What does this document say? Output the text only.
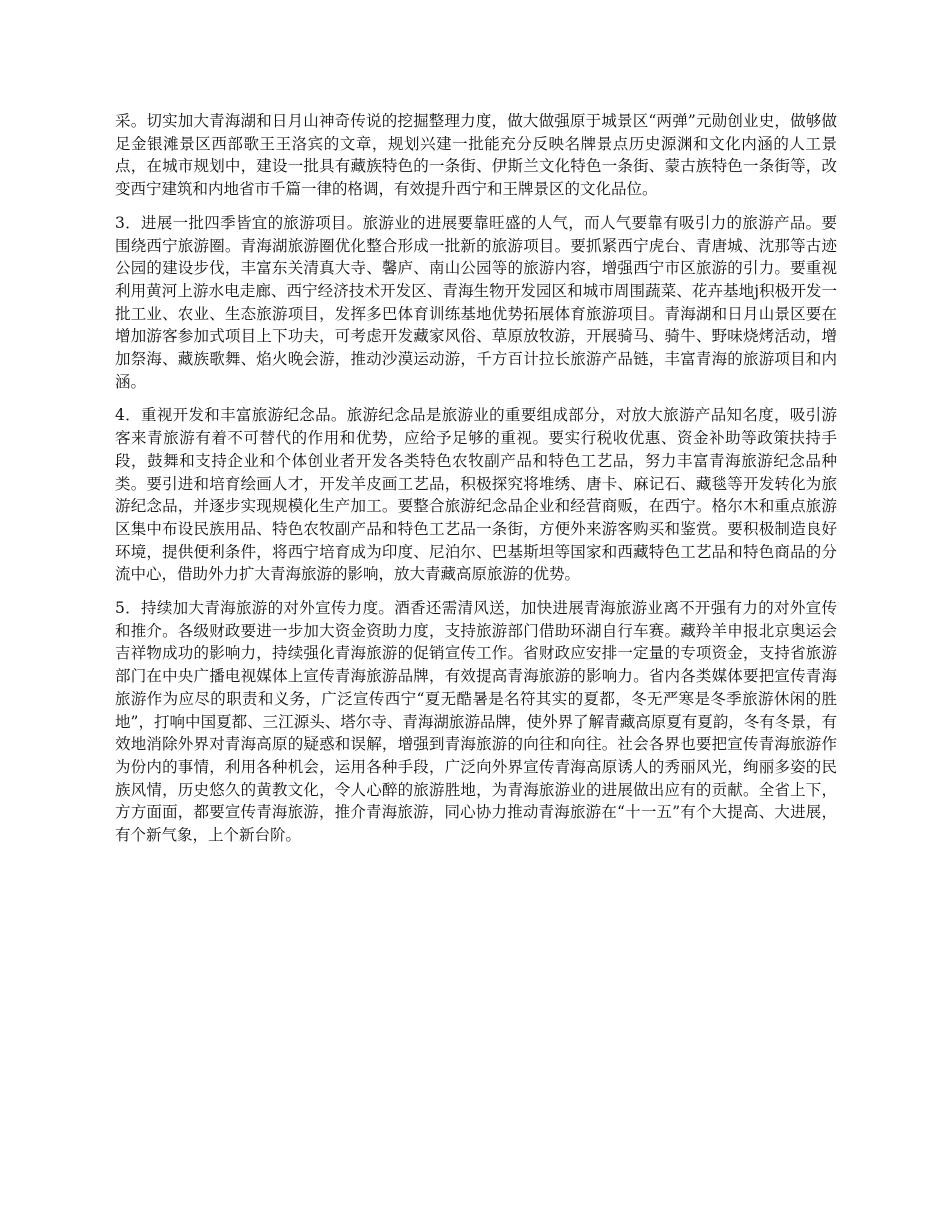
采。切实加大青海湖和日月山神奇传说的挖掘整理力度，做大做强原于城景区“两弹”元勋创业史，做够做足金银滩景区西部歌王王洛宾的文章，规划兴建一批能充分反映名牌景点历史源渊和文化内涵的人工景点，在城市规划中，建设一批具有藏族特色的一条街、伊斯兰文化特色一条街、蒙古族特色一条街等，改变西宁建筑和内地省市千篇一律的格调，有效提升西宁和王牌景区的文化品位。

3．进展一批四季皆宜的旅游项目。旅游业的进展要靠旺盛的人气，而人气要靠有吸引力的旅游产品。要围绕西宁旅游圈。青海湖旅游圈优化整合形成一批新的旅游项目。要抓紧西宁虎台、青唐城、沈那等古迹公园的建设步伐，丰富东关清真大寺、馨庐、南山公园等的旅游内容，增强西宁市区旅游的引力。要重视利用黄河上游水电走廊、西宁经济技术开发区、青海生物开发园区和城市周围蔬菜、花卉基地j积极开发一批工业、农业、生态旅游项目，发挥多巴体育训练基地优势拓展体育旅游项目。青海湖和日月山景区要在增加游客参加式项目上下功夫，可考虑开发藏家风俗、草原放牧游，开展骑马、骑牛、野味烧烤活动，增加祭海、藏族歌舞、焰火晚会游，推动沙漠运动游，千方百计拉长旅游产品链，丰富青海的旅游项目和内涵。

4．重视开发和丰富旅游纪念品。旅游纪念品是旅游业的重要组成部分，对放大旅游产品知名度，吸引游客来青旅游有着不可替代的作用和优势，应给予足够的重视。要实行税收优惠、资金补助等政策扶持手段，鼓舞和支持企业和个体创业者开发各类特色农牧副产品和特色工艺品，努力丰富青海旅游纪念品种类。要引进和培育绘画人才，开发羊皮画工艺品，积极探究将堆绣、唐卡、麻记石、藏毯等开发转化为旅游纪念品，并逐步实现规模化生产加工。要整合旅游纪念品企业和经营商贩，在西宁。格尔木和重点旅游区集中布设民族用品、特色农牧副产品和特色工艺品一条街，方便外来游客购买和鉴赏。要积极制造良好环境，提供便利条件，将西宁培育成为印度、尼泊尔、巴基斯坦等国家和西藏特色工艺品和特色商品的分流中心，借助外力扩大青海旅游的影响，放大青藏高原旅游的优势。

5．持续加大青海旅游的对外宣传力度。酒香还需清风送，加快进展青海旅游业离不开强有力的对外宣传和推介。各级财政要进一步加大资金资助力度，支持旅游部门借助环湖自行车赛。藏羚羊申报北京奥运会吉祥物成功的影响力，持续强化青海旅游的促销宣传工作。省财政应安排一定量的专项资金，支持省旅游部门在中央广播电视媒体上宣传青海旅游品牌，有效提高青海旅游的影响力。省内各类媒体要把宣传青海旅游作为应尽的职责和义务，广泛宣传西宁“夏无酷暑是名符其实的夏都，冬无严寒是冬季旅游休闲的胜地”，打响中国夏都、三江源头、塔尔寺、青海湖旅游品牌，使外界了解青藏高原夏有夏韵，冬有冬景，有效地消除外界对青海高原的疑惑和误解，增强到青海旅游的向往和向往。社会各界也要把宣传青海旅游作为份内的事情，利用各种机会，运用各种手段，广泛向外界宣传青海高原诱人的秀丽风光，绚丽多姿的民族风情，历史悠久的黄教文化，令人心醉的旅游胜地，为青海旅游业的进展做出应有的贡献。全省上下，方方面面，都要宣传青海旅游，推介青海旅游，同心协力推动青海旅游在“十一五”有个大提高、大进展，有个新气象，上个新台阶。
